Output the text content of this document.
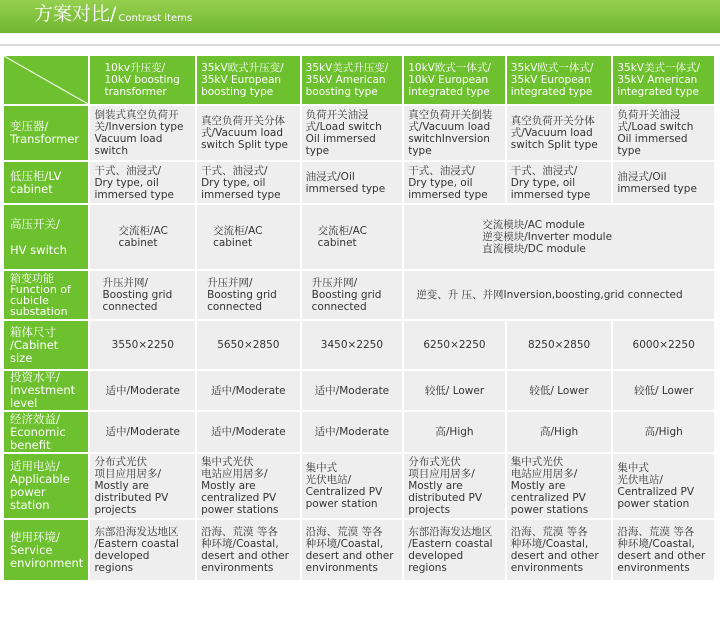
方案对比/ Contrast items
	10kv升压变/
10kV boosting
transformer	35kV欧式升压变/
35kV European
boosting type	35kV美式升压变/
35kV American
boosting type	10kV欧式一体式/
10kV European
integrated type	35kV欧式一体式/
35kV European
integrated type	35kV美式一体式/
35kV American
integrated type
变压器/
Transformer	倒装式真空负荷开关/Inversion type Vacuum load switch	真空负荷开关分体式/Vacuum load switch Split type	负荷开关油浸式/Load switch Oil immersed type	真空负荷开关倒装式/Vacuum load switchInversion type	真空负荷开关分体式/Vacuum load switch Split type	负荷开关油浸式/Load switch Oil immersed type
低压柜/LV
cabinet	干式、油浸式/
Dry type, oil
immersed type	干式、油浸式/
Dry type, oil
immersed type	油浸式/Oil
immersed type	干式、油浸式/
Dry type, oil
immersed type	干式、油浸式/
Dry type, oil
immersed type	油浸式/Oil
immersed type
高压开关/

HV switch	交流柜/AC
cabinet	交流柜/AC
cabinet	交流柜/AC
cabinet	交流模块/AC module
逆变模块/Inverter module
直流模块/DC module		
箱变功能
Function of
cubicle
substation	升压并网/
Boosting grid
connected	升压并网/
Boosting grid
connected	升压并网/
Boosting grid
connected	逆变、升 压、并网Inversion,boosting,grid connected		
箱体尺寸
/Cabinet
size	3550×2250	5650×2850	3450×2250	6250×2250	8250×2850	6000×2250
投资水平/
Investment
level	适中/Moderate	适中/Moderate	适中/Moderate	较低/ Lower	较低/ Lower	较低/ Lower
经济效益/
Economic
benefit	适中/Moderate	适中/Moderate	适中/Moderate	高/High	高/High	高/High
适用电站/
Applicable
power station	分布式光伏
项目应用居多/
Mostly are
distributed PV
projects	集中式光伏
电站应用居多/
Mostly are
centralized PV
power stations	集中式
光伏电站/
Centralized PV
power station	分布式光伏
项目应用居多/
Mostly are
distributed PV
projects	集中式光伏
电站应用居多/
Mostly are
centralized PV
power stations	集中式
光伏电站/
Centralized PV
power station
使用环境/
Service
environment	东部沿海发达地区
/Eastern coastal
developed
regions	沿海、荒漠 等各
种环境/Coastal,
desert and other
environments	沿海、荒漠 等各
种环境/Coastal,
desert and other
environments	东部沿海发达地区
/Eastern coastal
developed
regions	沿海、荒漠 等各
种环境/Coastal,
desert and other
environments	沿海、荒漠 等各
种环境/Coastal,
desert and other
environments
